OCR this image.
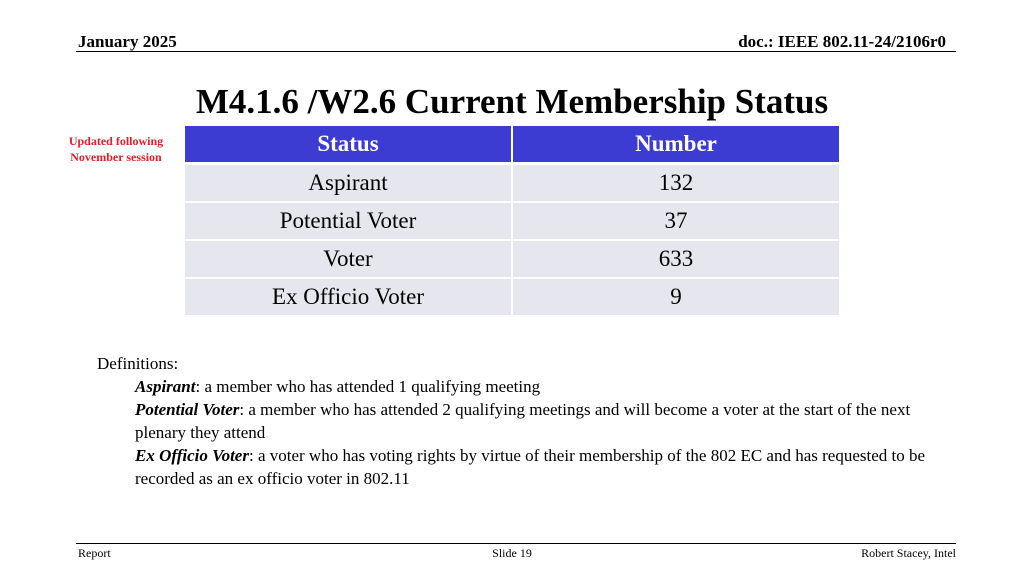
January 2025	doc.: IEEE 802.11-24/2106r0
M4.1.6 /W2.6 Current Membership Status
Updated following
November session
Status	Number
Aspirant	132
Potential Voter	37
Voter	633
Ex Officio Voter	9
Definitions:
Aspirant: a member who has attended 1 qualifying meeting
Potential Voter: a member who has attended 2 qualifying meetings and will become a voter at the start of the next plenary they attend
Ex Officio Voter: a voter who has voting rights by virtue of their membership of the 802 EC and has requested to be recorded as an ex officio voter in 802.11
Report	Slide 19	Robert Stacey, Intel
